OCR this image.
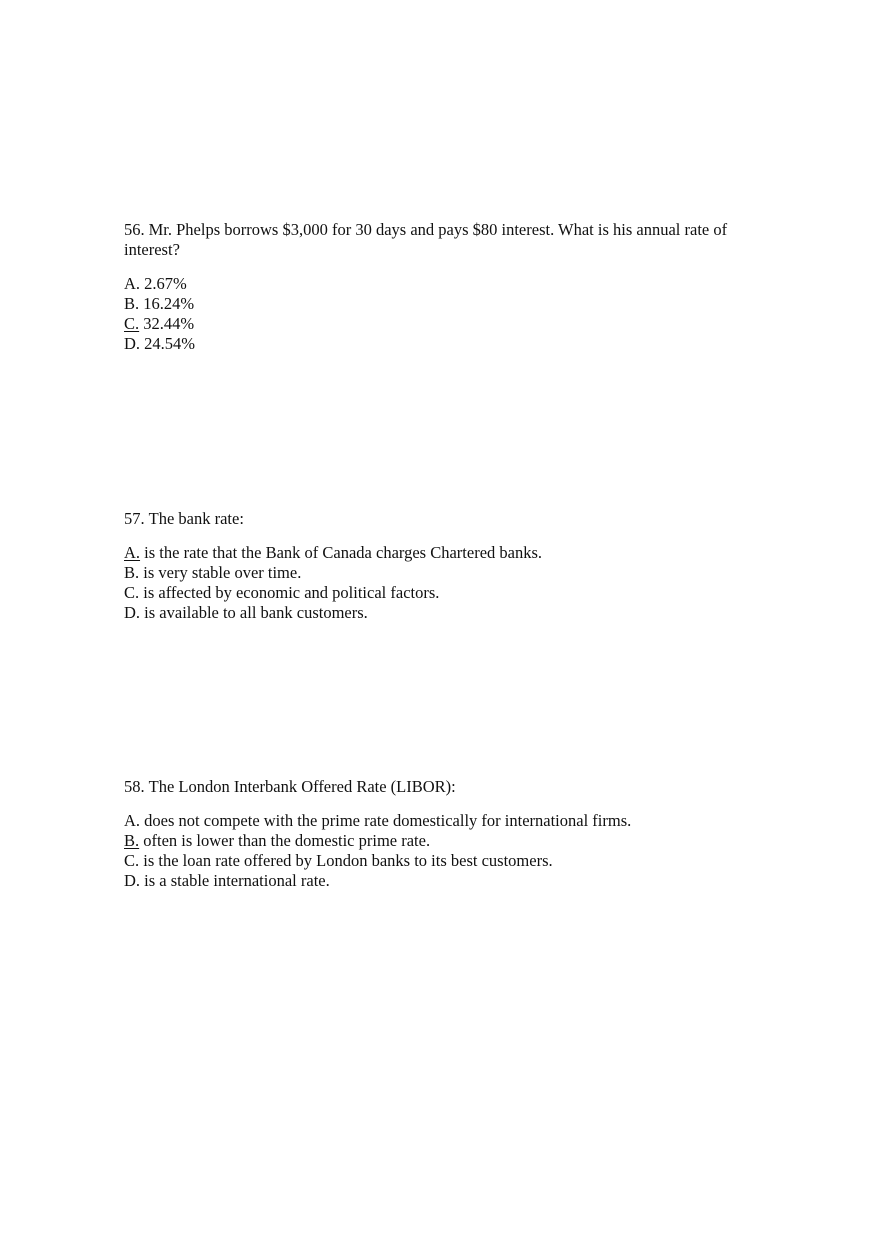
56. Mr. Phelps borrows $3,000 for 30 days and pays $80 interest. What is his annual rate of interest?

A. 2.67%
B. 16.24%
C. 32.44%
D. 24.54%

57. The bank rate:

A. is the rate that the Bank of Canada charges Chartered banks.
B. is very stable over time.
C. is affected by economic and political factors.
D. is available to all bank customers.

58. The London Interbank Offered Rate (LIBOR):

A. does not compete with the prime rate domestically for international firms.
B. often is lower than the domestic prime rate.
C. is the loan rate offered by London banks to its best customers.
D. is a stable international rate.
